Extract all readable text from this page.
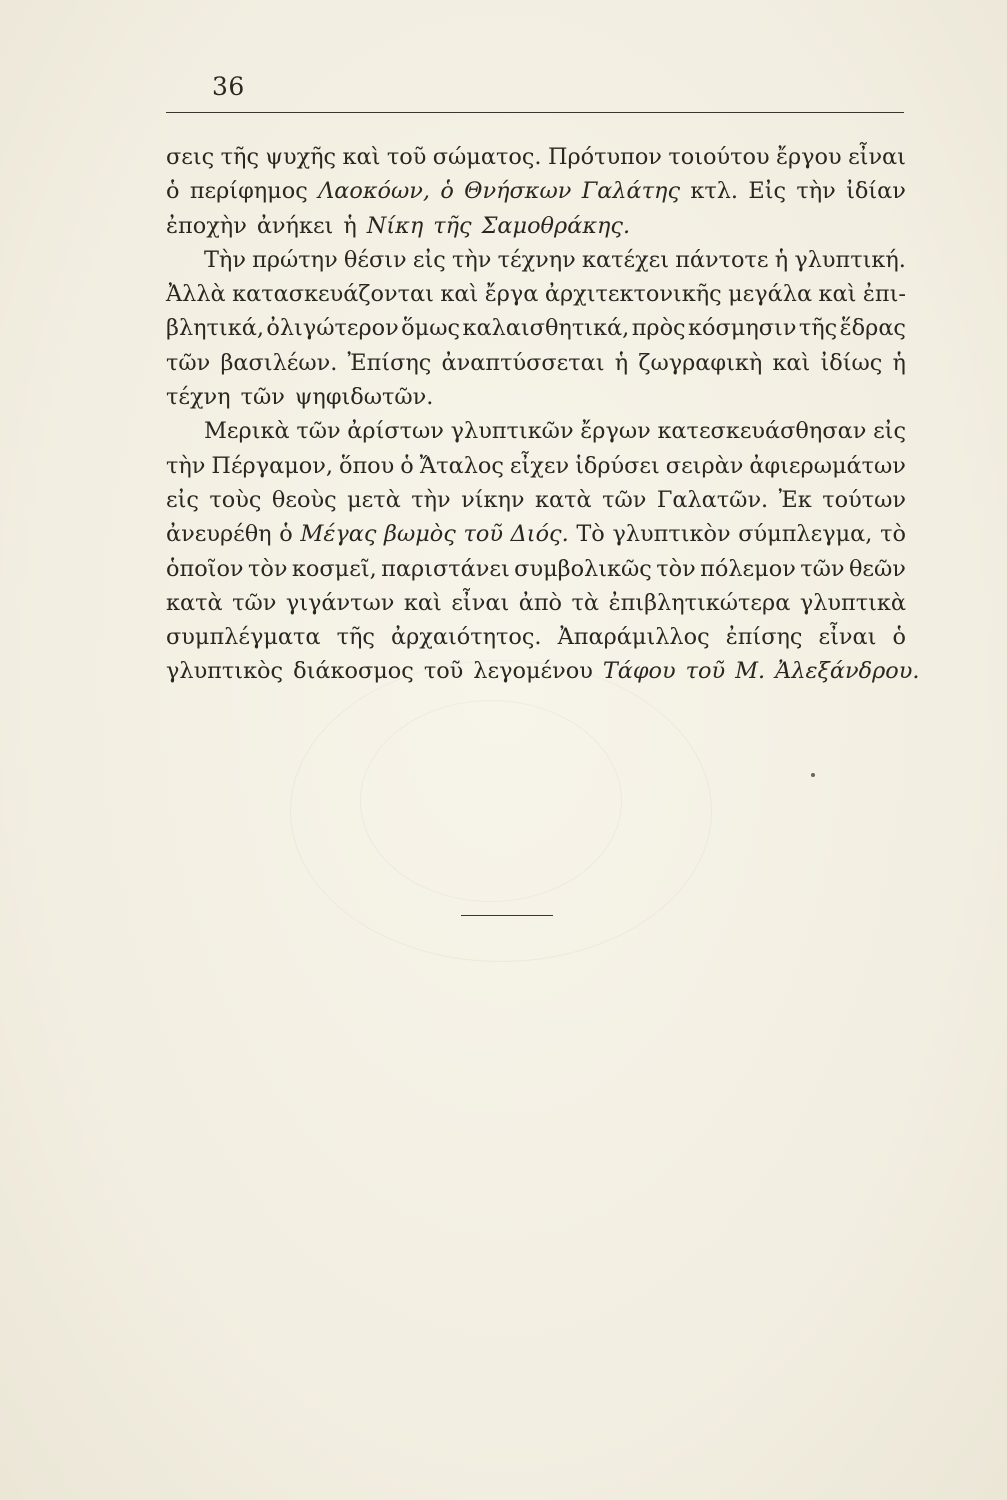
36
σεις τῆς ψυχῆς καὶ τοῦ σώματος. Πρότυπον τοιούτου ἔργου εἶναι
ὁ περίφημος Λαοκόων, ὁ Θνήσκων Γαλάτης κτλ. Εἰς τὴν ἰδίαν
ἐποχὴν ἀνήκει ἡ Νίκη τῆς Σαμοθράκης.
Τὴν πρώτην θέσιν εἰς τὴν τέχνην κατέχει πάντοτε ἡ γλυπτική.
Ἀλλὰ κατασκευάζονται καὶ ἔργα ἀρχιτεκτονικῆς μεγάλα καὶ ἐπι-
βλητικά, ὀλιγώτερον ὅμως καλαισθητικά, πρὸς κόσμησιν τῆς ἕδρας
τῶν βασιλέων. Ἐπίσης ἀναπτύσσεται ἡ ζωγραφικὴ καὶ ἰδίως ἡ
τέχνη τῶν ψηφιδωτῶν.
Μερικὰ τῶν ἀρίστων γλυπτικῶν ἔργων κατεσκευάσθησαν εἰς
τὴν Πέργαμον, ὅπου ὁ Ἄταλος εἶχεν ἱδρύσει σειρὰν ἀφιερωμάτων
εἰς τοὺς θεοὺς μετὰ τὴν νίκην κατὰ τῶν Γαλατῶν. Ἐκ τούτων
ἀνευρέθη ὁ Μέγας βωμὸς τοῦ Διός. Τὸ γλυπτικὸν σύμπλεγμα, τὸ
ὁποῖον τὸν κοσμεῖ, παριστάνει συμβολικῶς τὸν πόλεμον τῶν θεῶν
κατὰ τῶν γιγάντων καὶ εἶναι ἀπὸ τὰ ἐπιβλητικώτερα γλυπτικὰ
συμπλέγματα τῆς ἀρχαιότητος. Ἀπαράμιλλος ἐπίσης εἶναι ὁ
γλυπτικὸς διάκοσμος τοῦ λεγομένου Τάφου τοῦ Μ. Ἀλεξάνδρου.
